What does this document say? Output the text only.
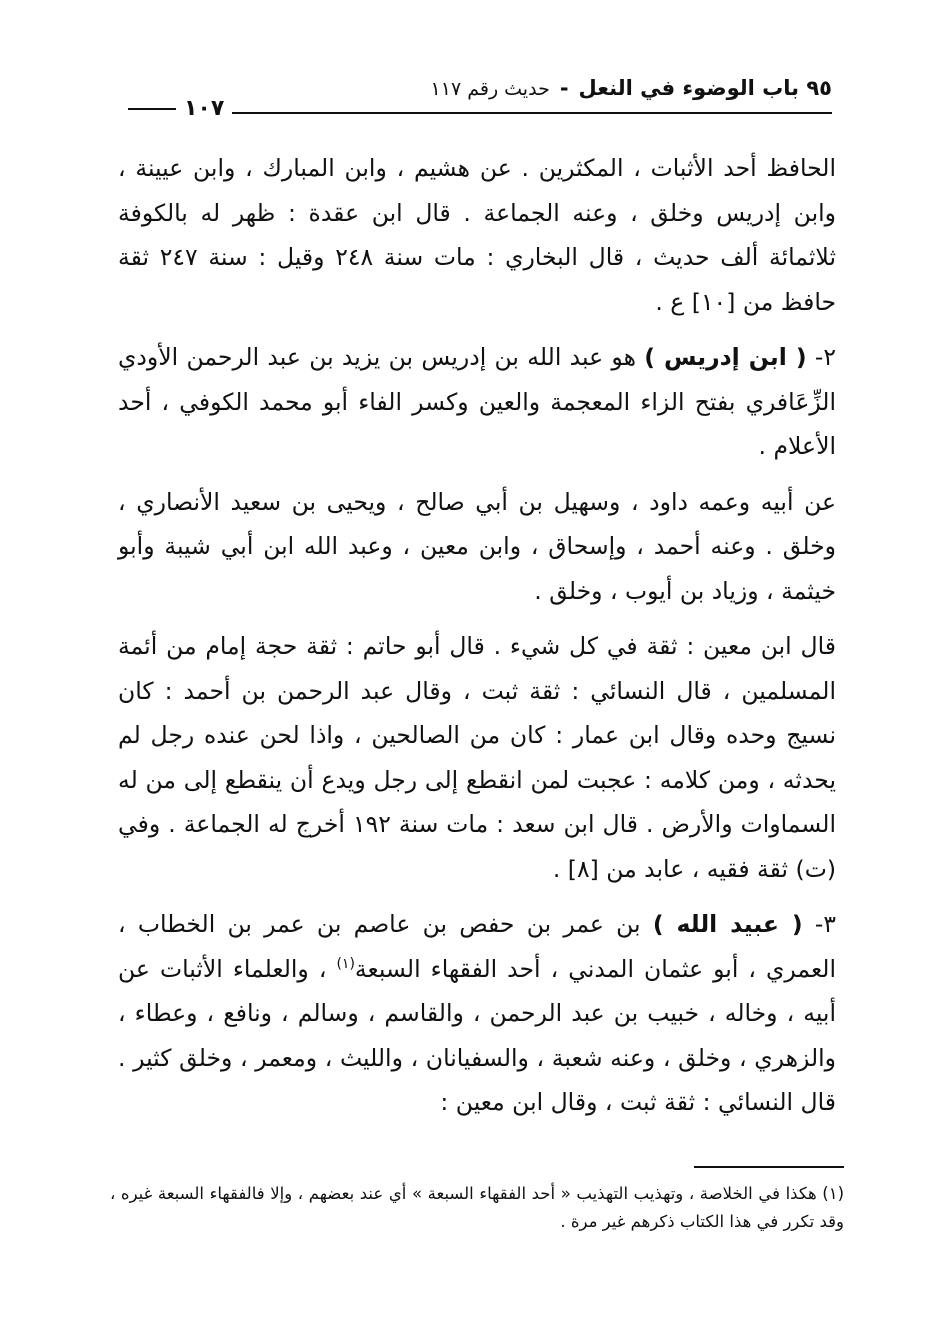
٩٥ باب الوضوء في النعل
-
حديث رقم ١١٧
١٠٧

الحافظ أحد الأثبات ، المكثرين . عن هشيم ، وابن المبارك ، وابن عيينة ، وابن إدريس وخلق ، وعنه الجماعة . قال ابن عقدة : ظهر له بالكوفة ثلاثمائة ألف حديث ، قال البخاري : مات سنة ٢٤٨ وقيل : سنة ٢٤٧ ثقة حافظ من [١٠] ع .

٢- ( ابن إدريس ) هو عبد الله بن إدريس بن يزيد بن عبد الرحمن الأودي الزِّعَافري بفتح الزاء المعجمة والعين وكسر الفاء أبو محمد الكوفي ، أحد الأعلام .

عن أبيه وعمه داود ، وسهيل بن أبي صالح ، ويحيى بن سعيد الأنصاري ، وخلق . وعنه أحمد ، وإسحاق ، وابن معين ، وعبد الله ابن أبي شيبة وأبو خيثمة ، وزياد بن أيوب ، وخلق .

قال ابن معين : ثقة في كل شيء . قال أبو حاتم : ثقة حجة إمام من أئمة المسلمين ، قال النسائي : ثقة ثبت ، وقال عبد الرحمن بن أحمد : كان نسيج وحده وقال ابن عمار : كان من الصالحين ، واذا لحن عنده رجل لم يحدثه ، ومن كلامه : عجبت لمن انقطع إلى رجل ويدع أن ينقطع إلى من له السماوات والأرض . قال ابن سعد : مات سنة ١٩٢ أخرج له الجماعة . وفي (ت) ثقة فقيه ، عابد من [٨] .

٣- ( عبيد الله ) بن عمر بن حفص بن عاصم بن عمر بن الخطاب ، العمري ، أبو عثمان المدني ، أحد الفقهاء السبعة$^{(١)}$ ، والعلماء الأثبات عن أبيه ، وخاله ، خبيب بن عبد الرحمن ، والقاسم ، وسالم ، ونافع ، وعطاء ، والزهري ، وخلق ، وعنه شعبة ، والسفيانان ، والليث ، ومعمر ، وخلق كثير . قال النسائي : ثقة ثبت ، وقال ابن معين :

(١) هكذا في الخلاصة ، وتهذيب التهذيب « أحد الفقهاء السبعة » أي عند بعضهم ، وإلا فالفقهاء السبعة غيره ، وقد تكرر في هذا الكتاب ذكرهم غير مرة .
